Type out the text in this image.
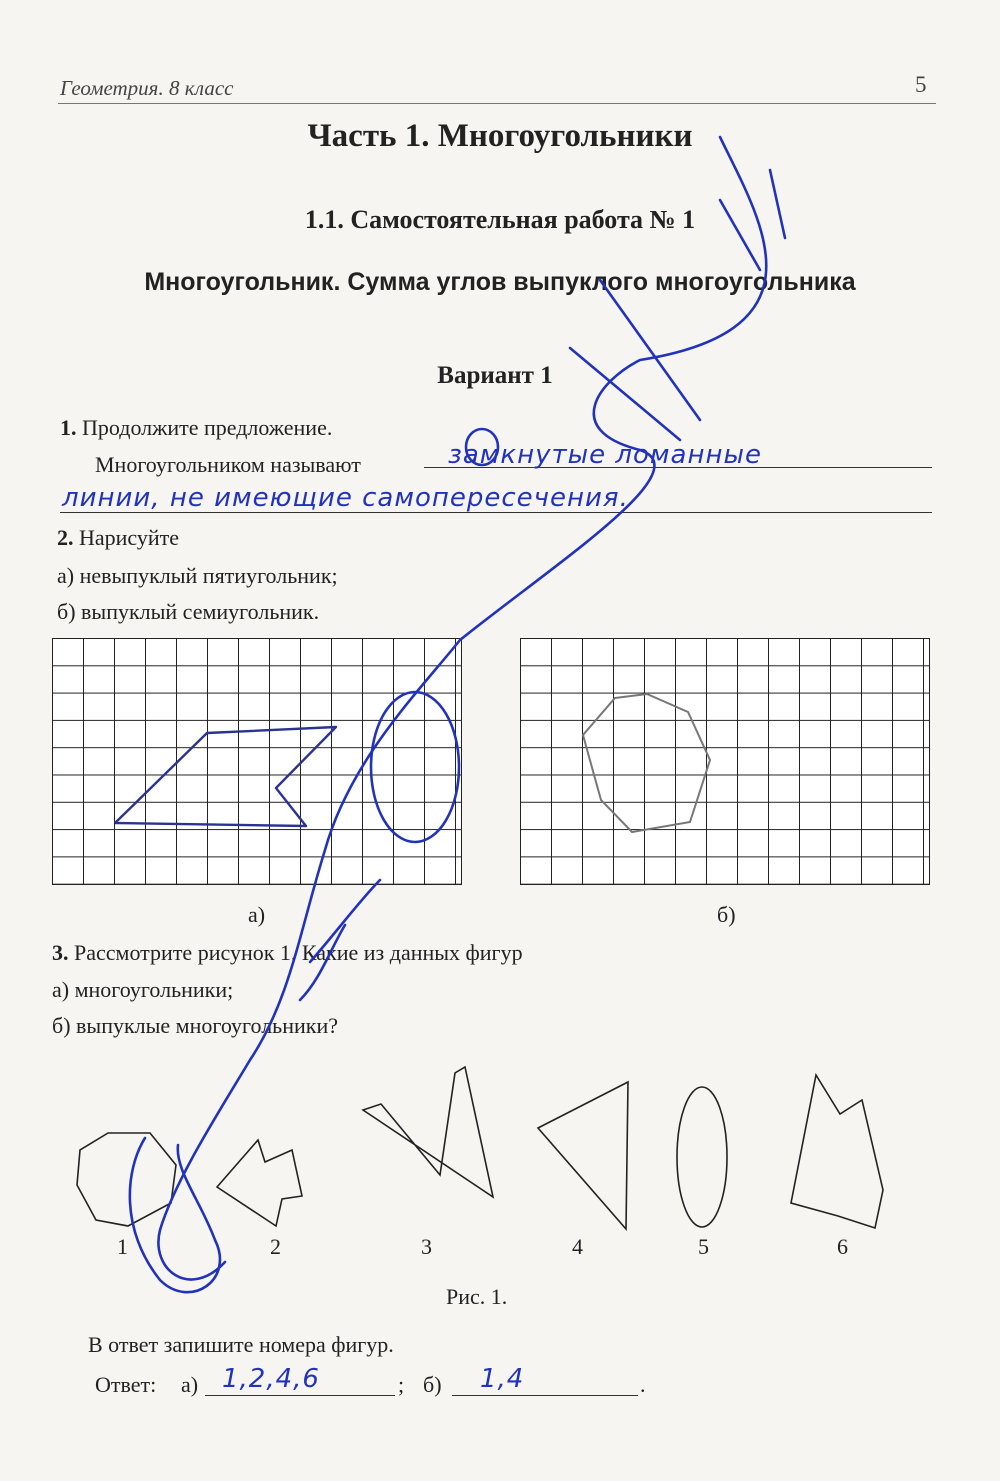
Геометрия. 8 класс	5
Часть 1. Многоугольники
1.1. Самостоятельная работа № 1
Многоугольник. Сумма углов выпуклого многоугольника
Вариант 1
1. Продолжите предложение.
Многоугольником называют	замкнутые ломанные
линии, не имеющие самопересечения.
2. Нарисуйте
а) невыпуклый пятиугольник;
б) выпуклый семиугольник.
а)	б)
3. Рассмотрите рисунок 1. Какие из данных фигур
а) многоугольники;
б) выпуклые многоугольники?
1	2	3	4	5	6
Рис. 1.
В ответ запишите номера фигур.
Ответ: а) 1,2,4,6	; б) 1,4	.
